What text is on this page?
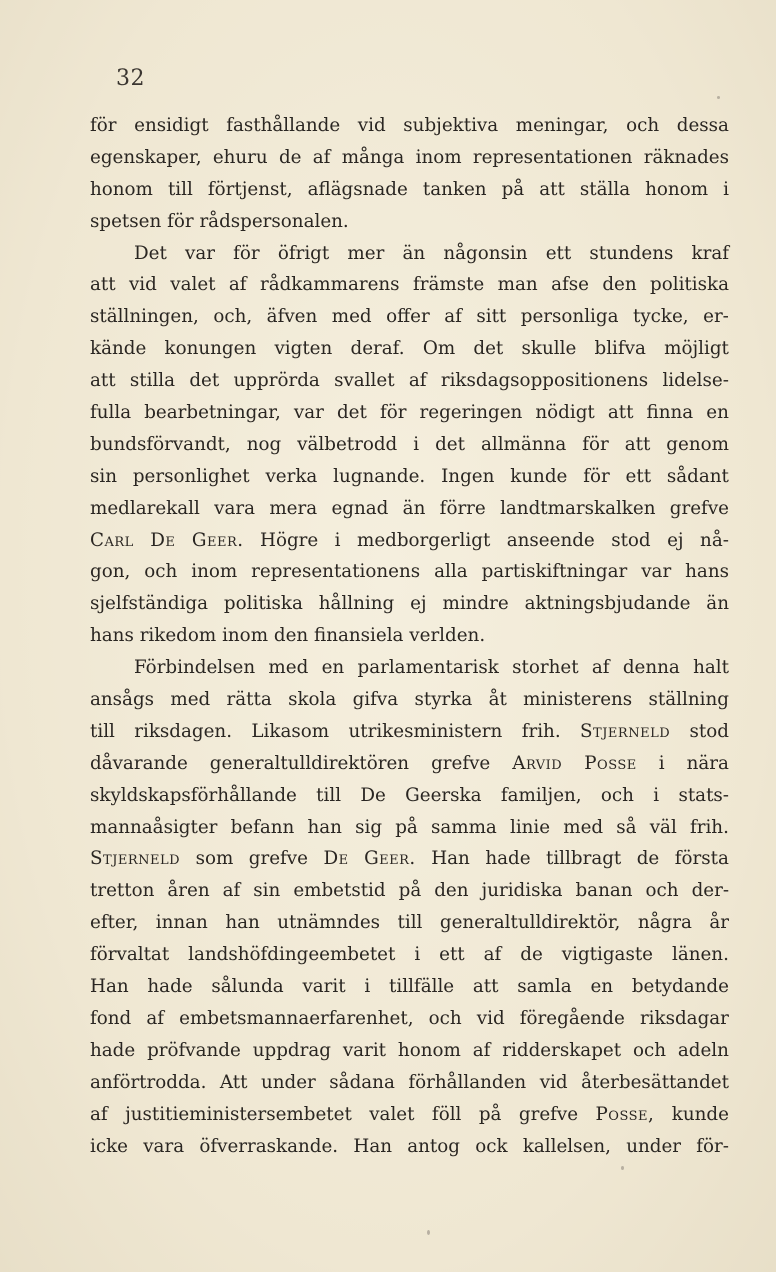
32
för ensidigt fasthållande vid subjektiva meningar, och dessa
egenskaper, ehuru de af många inom representationen räknades
honom till förtjenst, aflägsnade tanken på att ställa honom i
spetsen för rådspersonalen.
Det var för öfrigt mer än någonsin ett stundens kraf
att vid valet af rådkammarens främste man afse den politiska
ställningen, och, äfven med offer af sitt personliga tycke, er-
kände konungen vigten deraf. Om det skulle blifva möjligt
att stilla det upprörda svallet af riksdagsoppositionens lidelse-
fulla bearbetningar, var det för regeringen nödigt att finna en
bundsförvandt, nog välbetrodd i det allmänna för att genom
sin personlighet verka lugnande. Ingen kunde för ett sådant
medlarekall vara mera egnad än förre landtmarskalken grefve
Carl De Geer. Högre i medborgerligt anseende stod ej nå-
gon, och inom representationens alla partiskiftningar var hans
sjelfständiga politiska hållning ej mindre aktningsbjudande än
hans rikedom inom den finansiela verlden.
Förbindelsen med en parlamentarisk storhet af denna halt
ansågs med rätta skola gifva styrka åt ministerens ställning
till riksdagen. Likasom utrikesministern frih. Stjerneld stod
dåvarande generaltulldirektören grefve Arvid Posse i nära
skyldskapsförhållande till De Geerska familjen, och i stats-
mannaåsigter befann han sig på samma linie med så väl frih.
Stjerneld som grefve De Geer. Han hade tillbragt de första
tretton åren af sin embetstid på den juridiska banan och der-
efter, innan han utnämndes till generaltulldirektör, några år
förvaltat landshöfdingeembetet i ett af de vigtigaste länen.
Han hade sålunda varit i tillfälle att samla en betydande
fond af embetsmannaerfarenhet, och vid föregående riksdagar
hade pröfvande uppdrag varit honom af ridderskapet och adeln
anförtrodda. Att under sådana förhållanden vid återbesättandet
af justitieministersembetet valet föll på grefve Posse, kunde
icke vara öfverraskande. Han antog ock kallelsen, under för-
